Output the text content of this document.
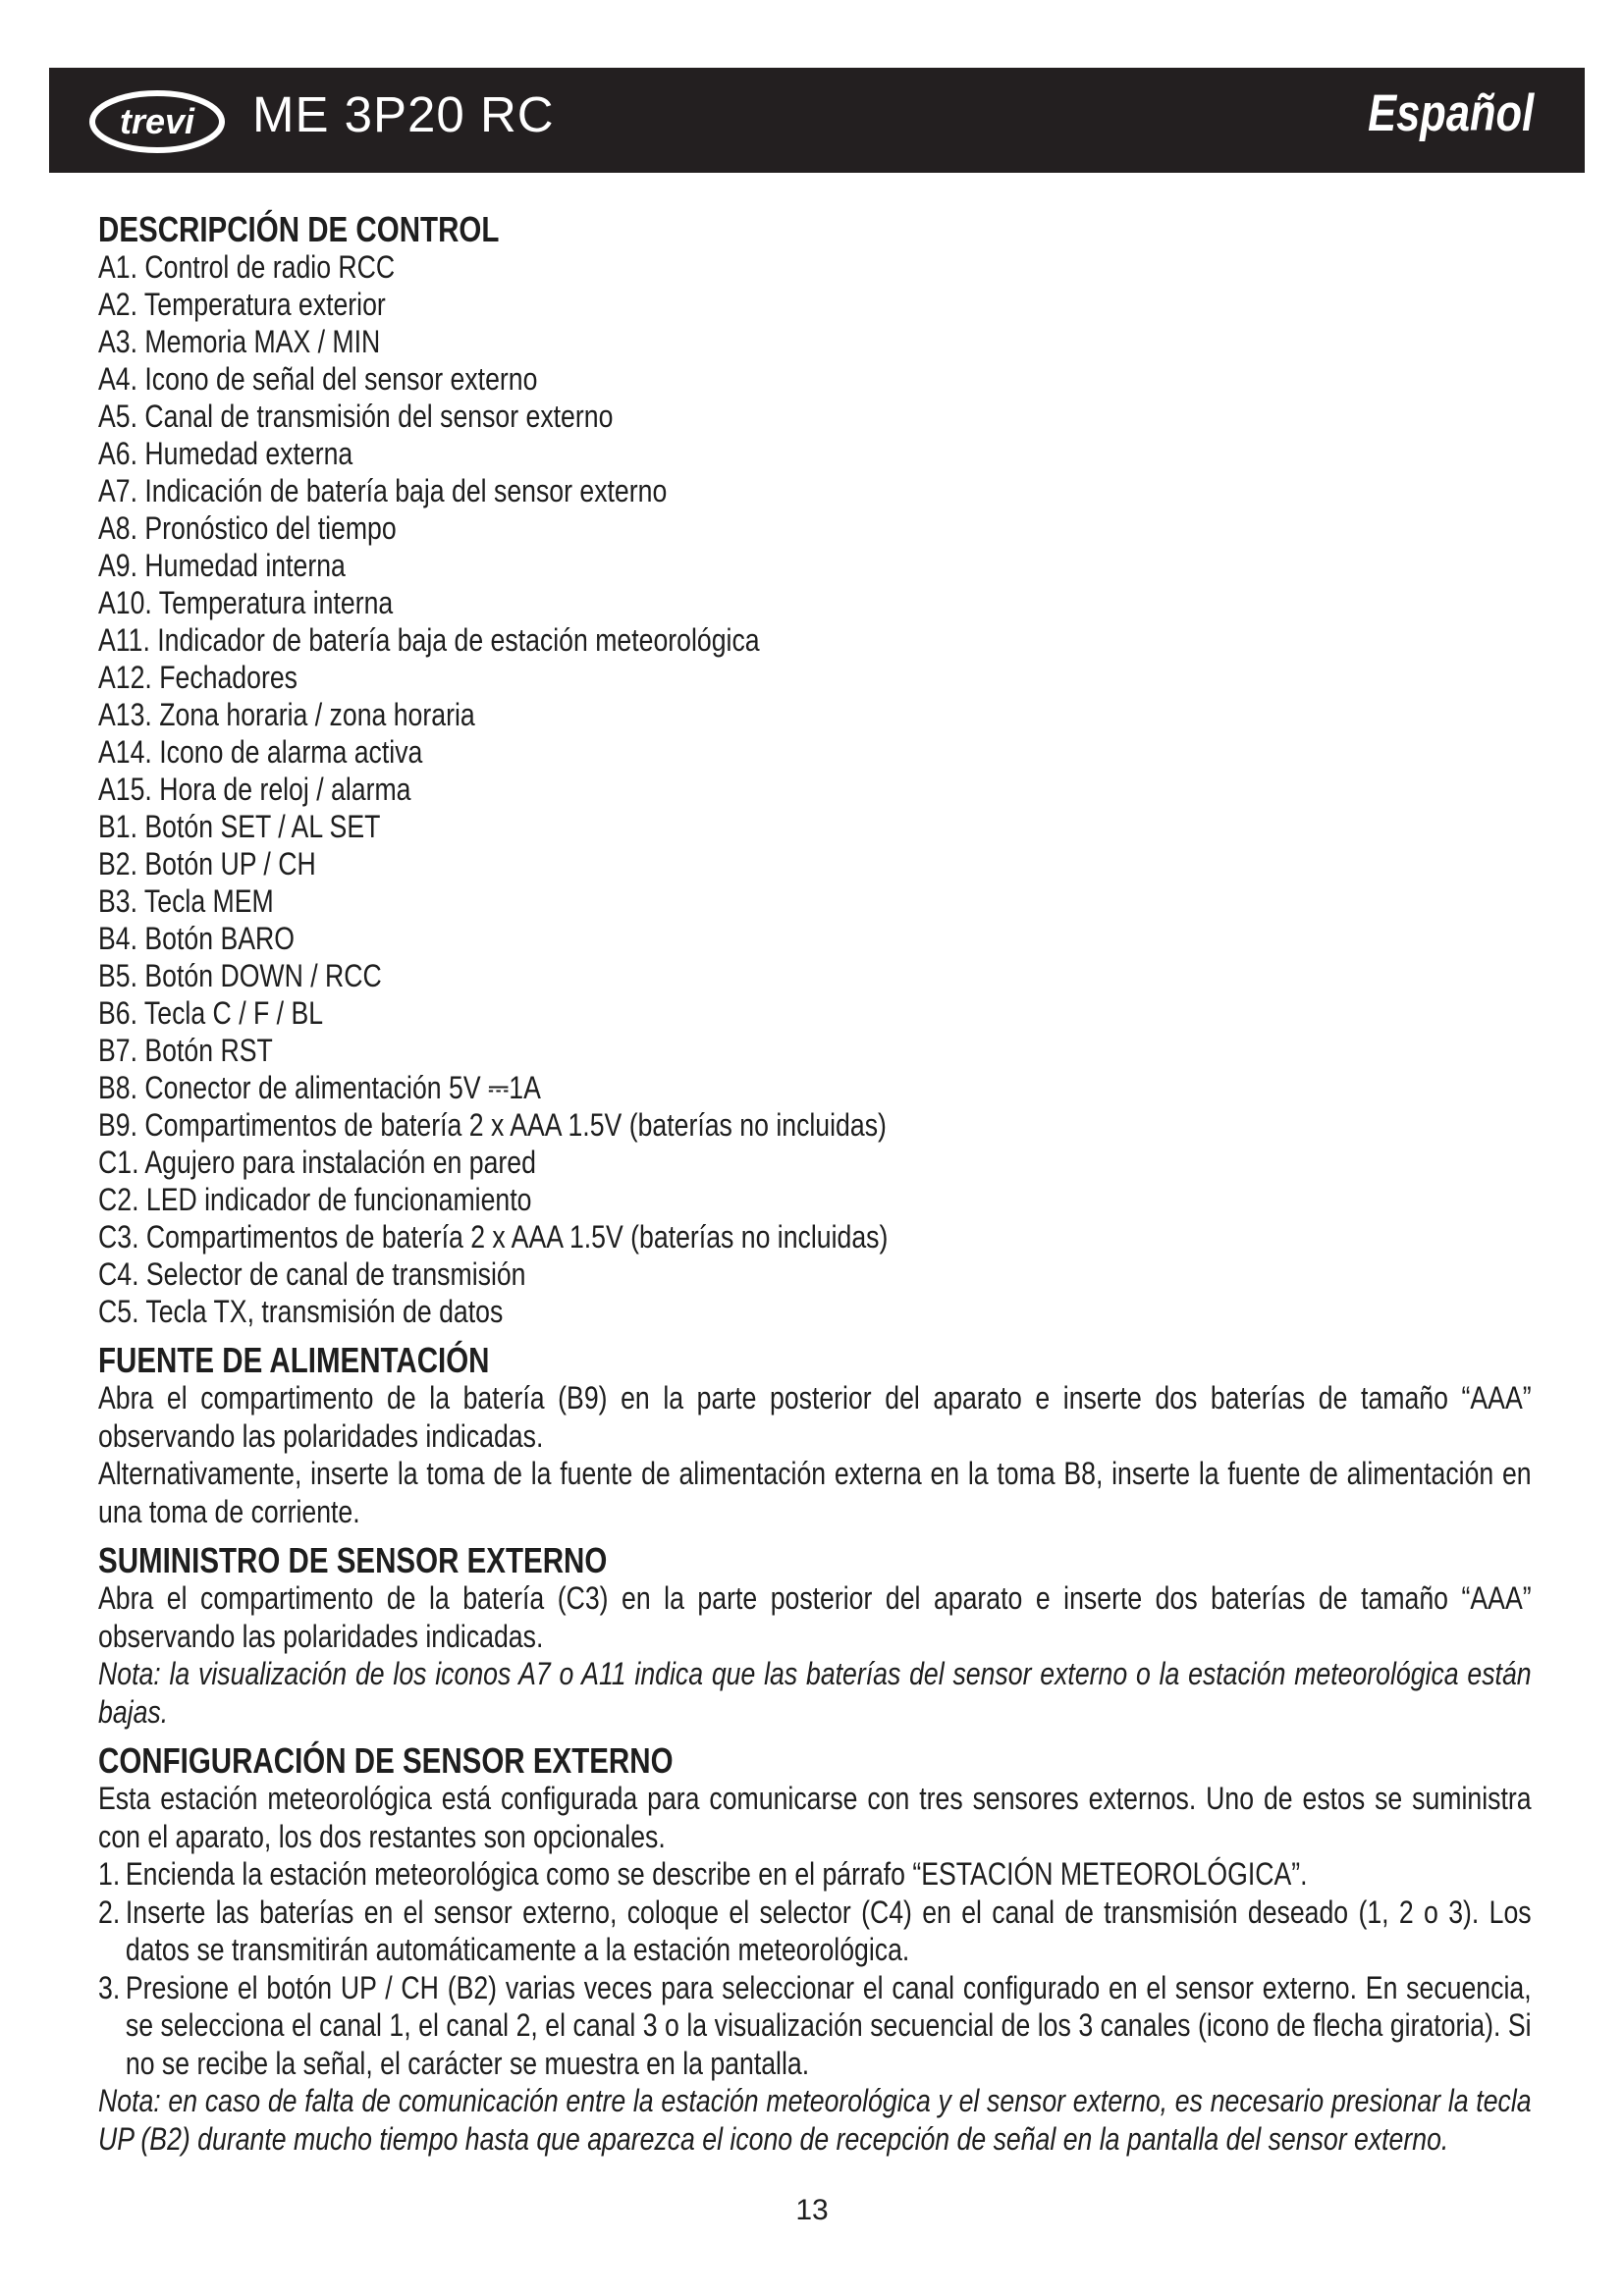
trevi ME 3P20 RC	Español
DESCRIPCIÓN DE CONTROL
A1. Control de radio RCC
A2. Temperatura exterior
A3. Memoria MAX / MIN
A4. Icono de señal del sensor externo
A5. Canal de transmisión del sensor externo
A6. Humedad externa
A7. Indicación de batería baja del sensor externo
A8. Pronóstico del tiempo
A9. Humedad interna
A10. Temperatura interna
A11. Indicador de batería baja de estación meteorológica
A12. Fechadores
A13. Zona horaria / zona horaria
A14. Icono de alarma activa
A15. Hora de reloj / alarma
B1. Botón SET / AL SET
B2. Botón UP / CH
B3. Tecla MEM
B4. Botón BARO
B5. Botón DOWN / RCC
B6. Tecla C / F / BL
B7. Botón RST
B8. Conector de alimentación 5V ⎓1A
B9. Compartimentos de batería 2 x AAA 1.5V (baterías no incluidas)
C1. Agujero para instalación en pared
C2. LED indicador de funcionamiento
C3. Compartimentos de batería 2 x AAA 1.5V (baterías no incluidas)
C4. Selector de canal de transmisión
C5. Tecla TX, transmisión de datos
FUENTE DE ALIMENTACIÓN

Abra el compartimento de la batería (B9) en la parte posterior del aparato e inserte dos baterías de tamaño “AAA” observando las polaridades indicadas.

Alternativamente, inserte la toma de la fuente de alimentación externa en la toma B8, inserte la fuente de alimentación en una toma de corriente.

SUMINISTRO DE SENSOR EXTERNO

Abra el compartimento de la batería (C3) en la parte posterior del aparato e inserte dos baterías de tamaño “AAA” observando las polaridades indicadas.

Nota: la visualización de los iconos A7 o A11 indica que las baterías del sensor externo o la estación meteorológica están bajas.

CONFIGURACIÓN DE SENSOR EXTERNO

Esta estación meteorológica está configurada para comunicarse con tres sensores externos. Uno de estos se suministra con el aparato, los dos restantes son opcionales.

1. Encienda la estación meteorológica como se describe en el párrafo “ESTACIÓN METEOROLÓGICA”.
2. Inserte las baterías en el sensor externo, coloque el selector (C4) en el canal de transmisión deseado (1, 2 o 3). Los datos se transmitirán automáticamente a la estación meteorológica.
3. Presione el botón UP / CH (B2) varias veces para seleccionar el canal configurado en el sensor externo. En secuencia, se selecciona el canal 1, el canal 2, el canal 3 o la visualización secuencial de los 3 canales (icono de flecha giratoria). Si no se recibe la señal, el carácter se muestra en la pantalla.

Nota: en caso de falta de comunicación entre la estación meteorológica y el sensor externo, es necesario presionar la tecla UP (B2) durante mucho tiempo hasta que aparezca el icono de recepción de señal en la pantalla del sensor externo.

13
